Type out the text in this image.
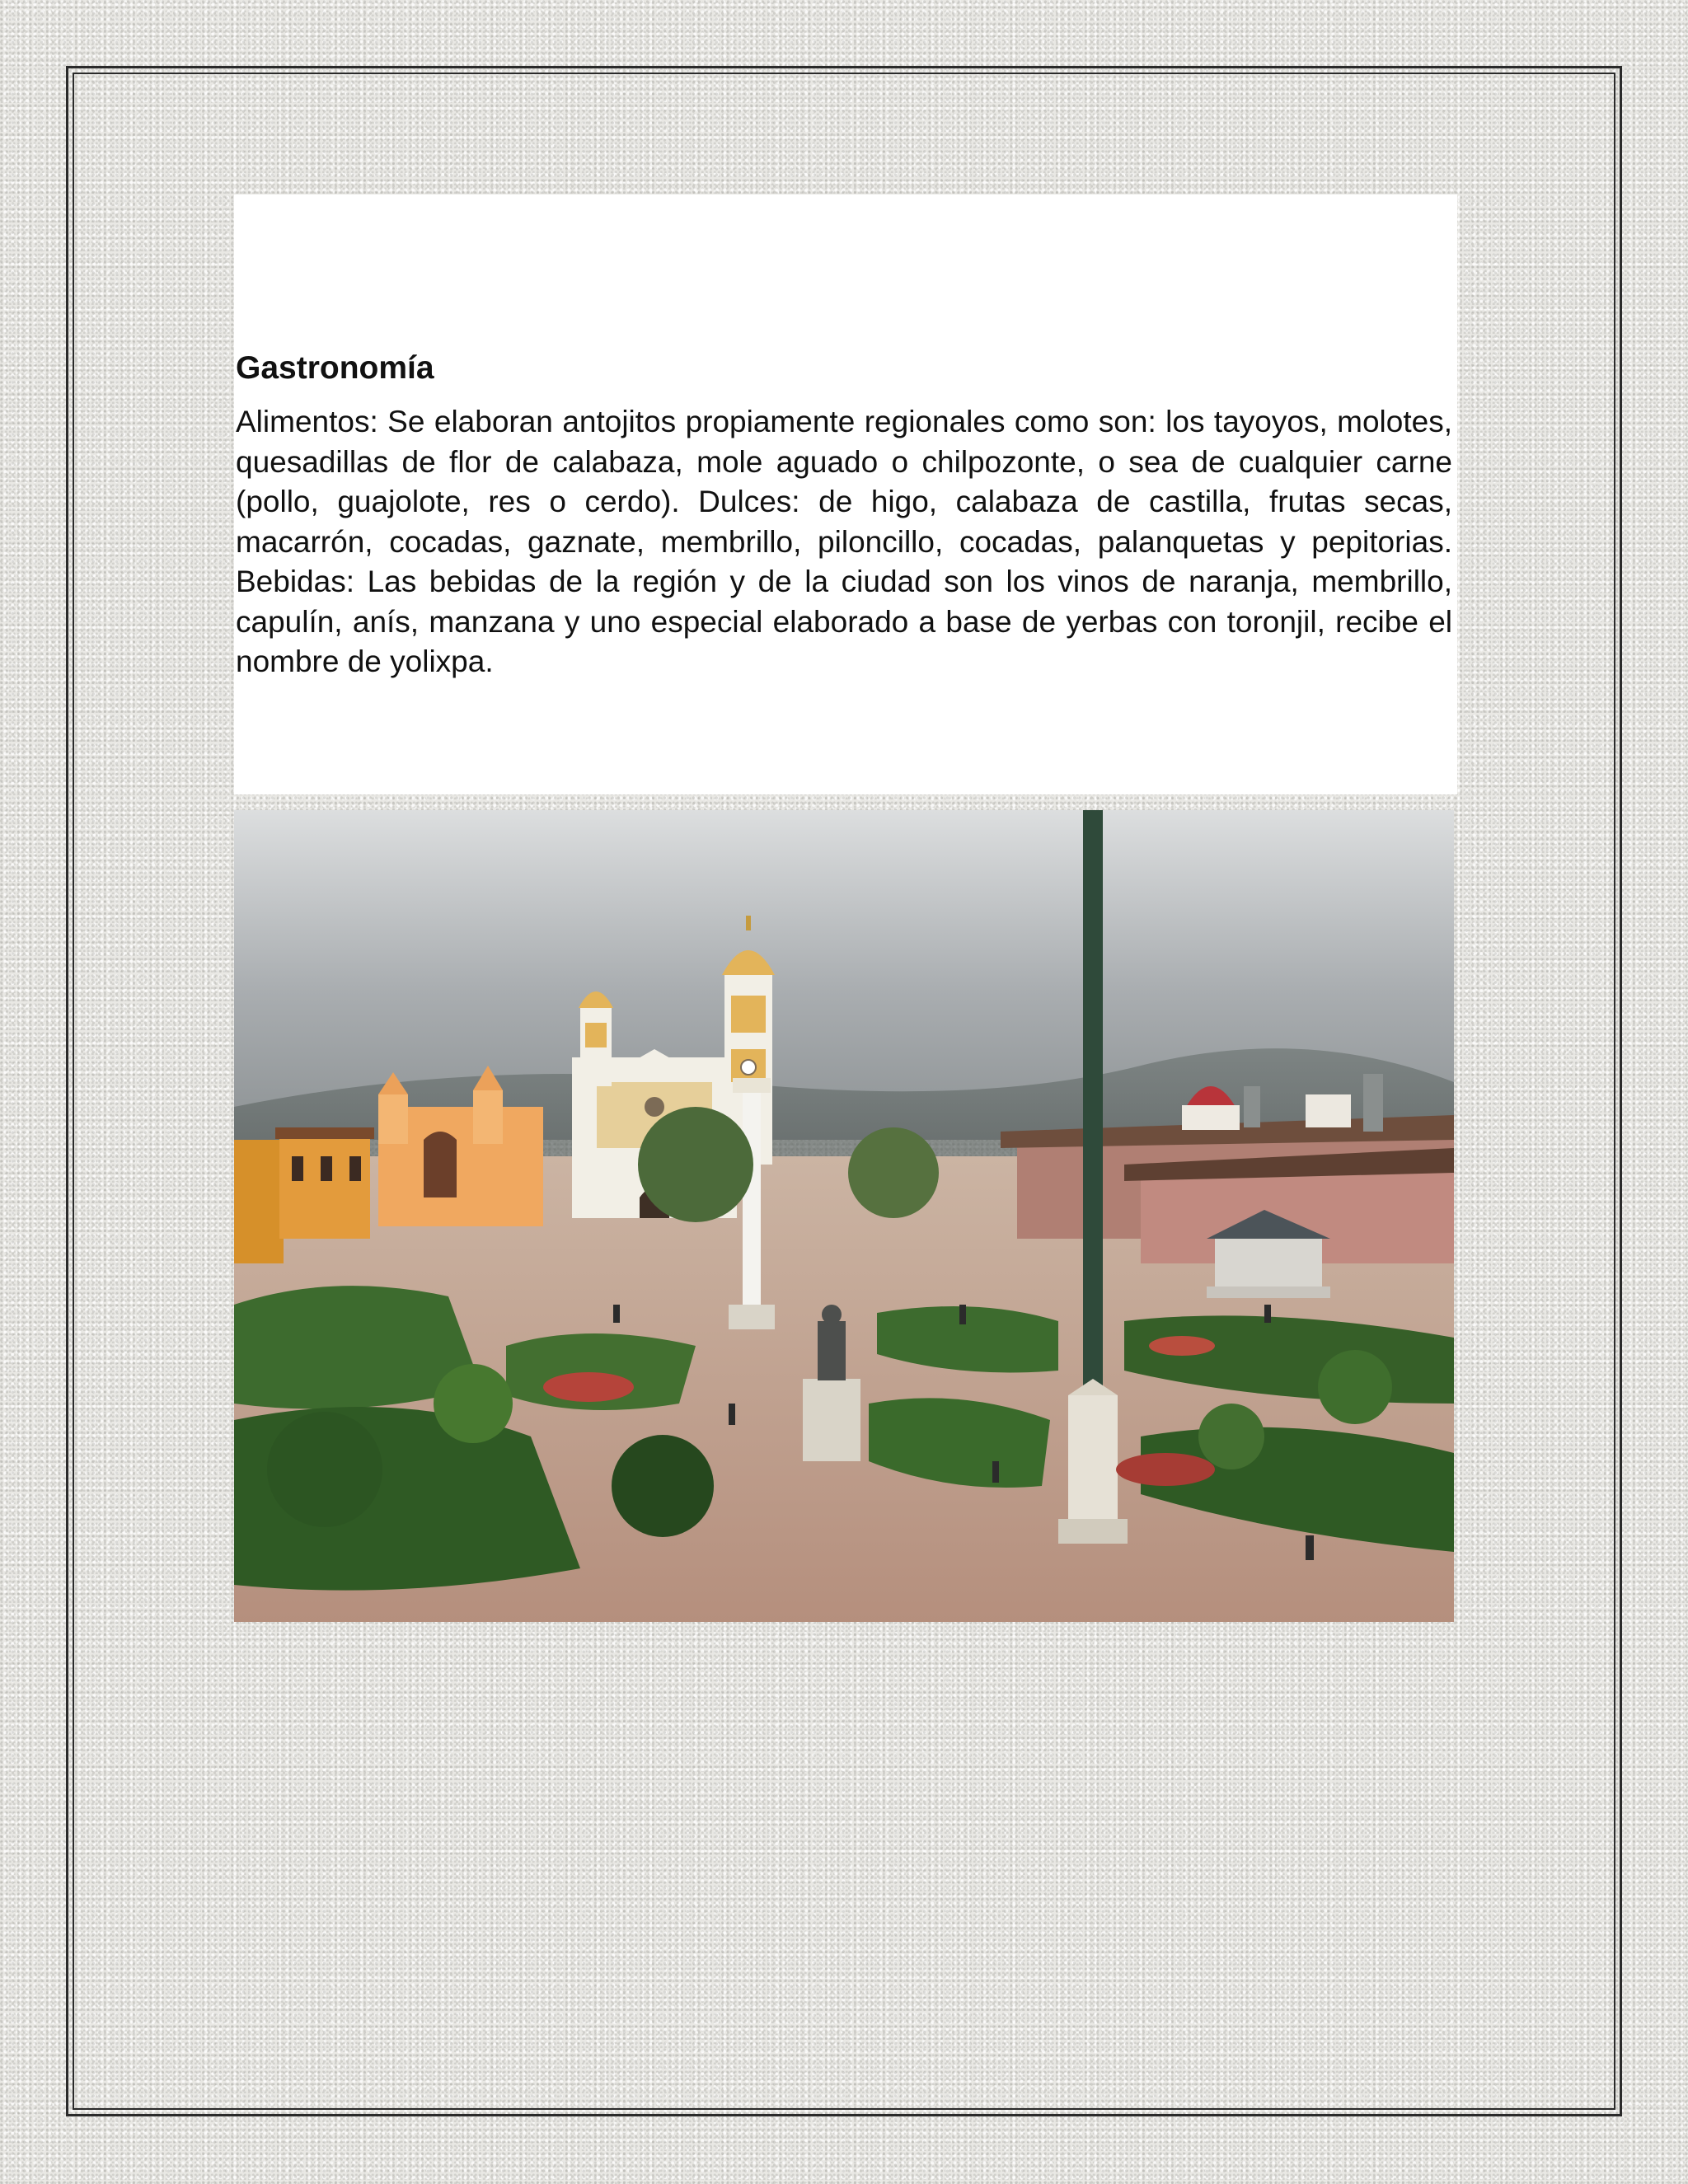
Gastronomía

Alimentos: Se elaboran antojitos propiamente regionales como son: los tayoyos, molotes, quesadillas de flor de calabaza, mole aguado o chilpozonte, o sea de cualquier carne (pollo, guajolote, res o cerdo). Dulces: de higo, calabaza de castilla, frutas secas, macarrón, cocadas, gaznate, membrillo, piloncillo, cocadas, palanquetas y pepitorias. Bebidas: Las bebidas de la región y de la ciudad son los vinos de naranja, membrillo, capulín, anís, manzana y uno especial elaborado a base de yerbas con toronjil, recibe el nombre de yolixpa.
